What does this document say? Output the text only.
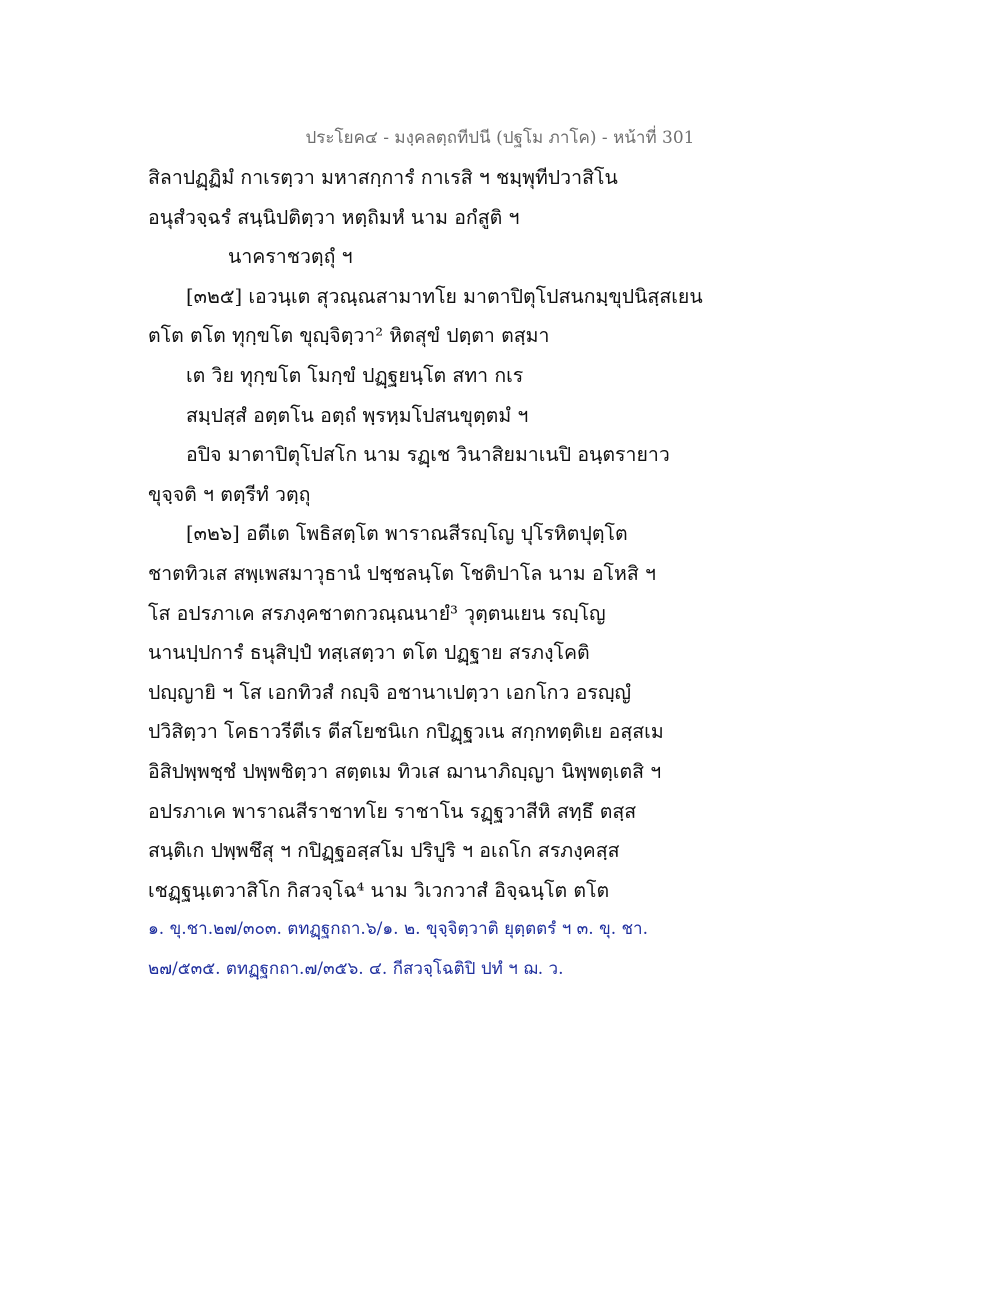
ประโยค๔ - มงฺคลตฺถทีปนี (ปฐโม ภาโค) - หน้าที่ 301
สิลาปฏฺฏิมํ กาเรตฺวา มหาสกฺการํ กาเรสิ ฯ ชมฺพุทีปวาสิโน
อนุสํวจฺฉรํ สนฺนิปติตฺวา หตฺถิมหํ นาม อกํสูติ ฯ
นาคราชวตฺถุํ ฯ
[๓๒๕] เอวนฺเต สุวณฺณสามาทโย มาตาปิตุโปสนกมฺขุปนิสฺสเยน
ตโต ตโต ทุกฺขโต ขุญฺจิตฺวา² หิตสุขํ ปตฺตา ตสฺมา
เต วิย ทุกฺขโต โมกฺขํ ปฏฺฐยนฺโต สทา กเร
สมฺปสฺสํ อตฺตโน อตฺถํ พฺรหฺมโปสนขุตฺตมํ ฯ
อปิจ มาตาปิตุโปสโก นาม รฏฺเช วินาสิยมาเนปิ อนฺตรายาว
ขุจฺจติ ฯ ตตฺรีทํ วตฺถุ
[๓๒๖] อตีเต โพธิสตฺโต พาราณสีรญฺโญ ปุโรหิตปุตฺโต
ชาตทิวเส สพฺเพสมาวุธานํ ปชฺชลนฺโต โชติปาโล นาม อโหสิ ฯ
โส อปรภาเค สรภงฺคชาตกวณฺณนายํ³ วุตฺตนเยน รญฺโญ
นานปฺปการํ ธนุสิปฺปํ ทสฺเสตฺวา ตโต ปฏฺฐาย สรภงฺโคติ
ปญฺญายิ ฯ โส เอกทิวสํ กญฺจิ อชานาเปตฺวา เอกโกว อรญฺญํ
ปวิสิตฺวา โคธาวรีตีเร ตีสโยชนิเก กปิฏฺฐวเน สกฺกทตฺติเย อสฺสเม
อิสิปพฺพชฺชํ ปพฺพชิตฺวา สตฺตเม ทิวเส ฌานาภิญฺญา นิพฺพตฺเตสิ ฯ
อปรภาเค พาราณสีราชาทโย ราชาโน รฏฺฐวาสีหิ สทฺธึ ตสฺส
สนฺติเก ปพฺพชึสุ ฯ กปิฏฺฐอสฺสโม ปริปูริ ฯ อเถโก สรภงฺคสฺส
เชฏฺฐนฺเตวาสิโก กิสวจฺโฉ⁴ นาม วิเวกวาสํ อิจฺฉนฺโต ตโต
๑. ขุ.ชา.๒๗/๓๐๓. ตทฏฺฐกถา.๖/๑. ๒. ขุจฺจิตฺวาติ ยุตฺตตรํ ฯ ๓. ขุ. ชา.
๒๗/๕๓๕. ตทฏฺฐกถา.๗/๓๕๖. ๔. กีสวจฺโฉติปิ ปทํ ฯ ฌ. ว.
